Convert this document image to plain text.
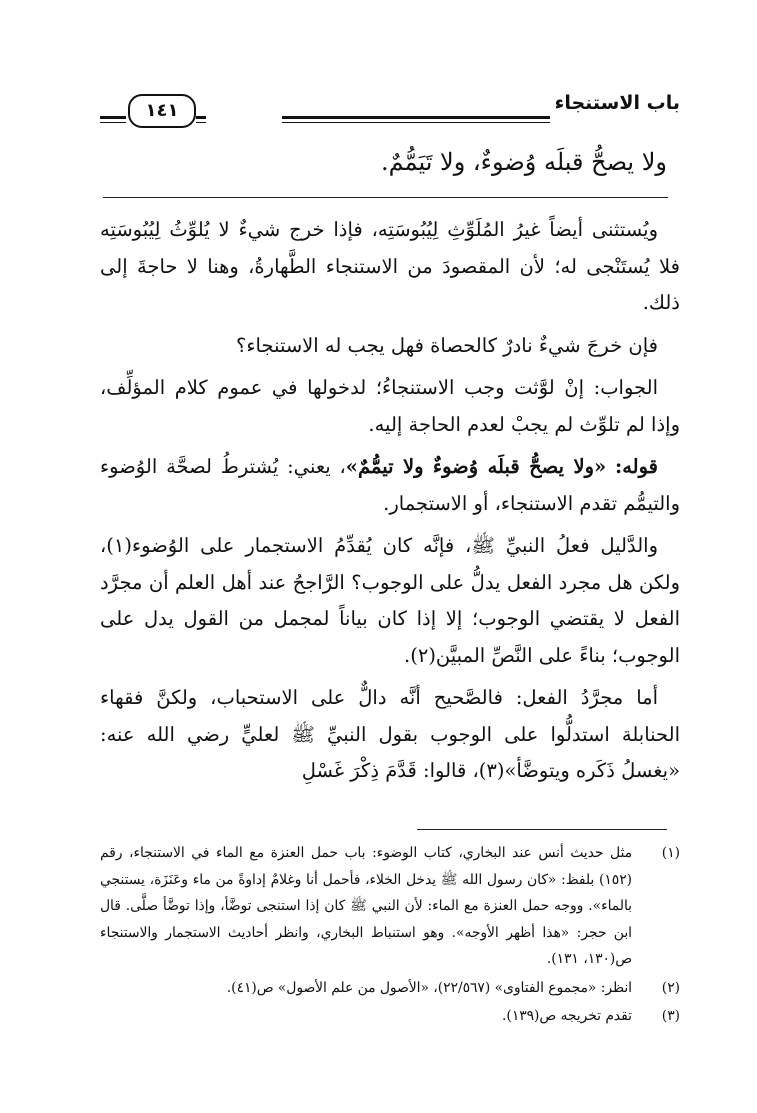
باب الاستنجاء
١٤١
ولا يصحُّ قبلَه وُضوءٌ، ولا تَيَمُّمٌ.

ويُستثنى أيضاً غيرُ المُلَوِّثِ لِيُبُوسَتِه، فإذا خرج شيءٌ لا يُلوِّثُ لِيُبُوسَتِه فلا يُستَنْجى له؛ لأن المقصودَ من الاستنجاء الطَّهارةُ، وهنا لا حاجةَ إلى ذلك.

فإن خرجَ شيءٌ نادرٌ كالحصاة فهل يجب له الاستنجاء؟

الجواب: إنْ لوَّثت وجب الاستنجاءُ؛ لدخولها في عموم كلام المؤلِّف، وإذا لم تلوِّث لم يجبْ لعدم الحاجة إليه.

قوله: «ولا يصحُّ قبلَه وُضوءٌ ولا تيمُّمٌ»، يعني: يُشترطُ لصحَّة الوُضوء والتيمُّم تقدم الاستنجاء، أو الاستجمار.

والدَّليل فعلُ النبيِّ ﷺ، فإنَّه كان يُقدِّمُ الاستجمار على الوُضوء(١)، ولكن هل مجرد الفعل يدلُّ على الوجوب؟ الرَّاجحُ عند أهل العلم أن مجرَّد الفعل لا يقتضي الوجوب؛ إلا إذا كان بياناً لمجمل من القول يدل على الوجوب؛ بناءً على النَّصِّ المبيَّن(٢).

أما مجرَّدُ الفعل: فالصَّحيح أنَّه دالٌّ على الاستحباب، ولكنَّ فقهاء الحنابلة استدلُّوا على الوجوب بقول النبيِّ ﷺ لعليٍّ رضي الله عنه: «يغسلُ ذَكَره ويتوضَّأ»(٣)، قالوا: قَدَّمَ ذِكْرَ غَسْلِ

(١)
مثل حديث أنس عند البخاري، كتاب الوضوء: باب حمل العنزة مع الماء في الاستنجاء، رقم (١٥٢) بلفظ: «كان رسول الله ﷺ يدخل الخلاء، فأحمل أنا وغلامٌ إداوةً من ماء وعَنَزَة، يستنجي بالماء». ووجه حمل العنزة مع الماء: لأن النبي ﷺ كان إذا استنجى توضَّأ، وإذا توضَّأ صلَّى. قال ابن حجر: «هذا أظهر الأوجه». وهو استنباط البخاري، وانظر أحاديث الاستجمار والاستنجاء ص(١٣٠، ١٣١).
(٢)
انظر: «مجموع الفتاوى» (٢٢/٥٦٧)، «الأصول من علم الأصول» ص(٤١).
(٣)
تقدم تخريجه ص(١٣٩).
